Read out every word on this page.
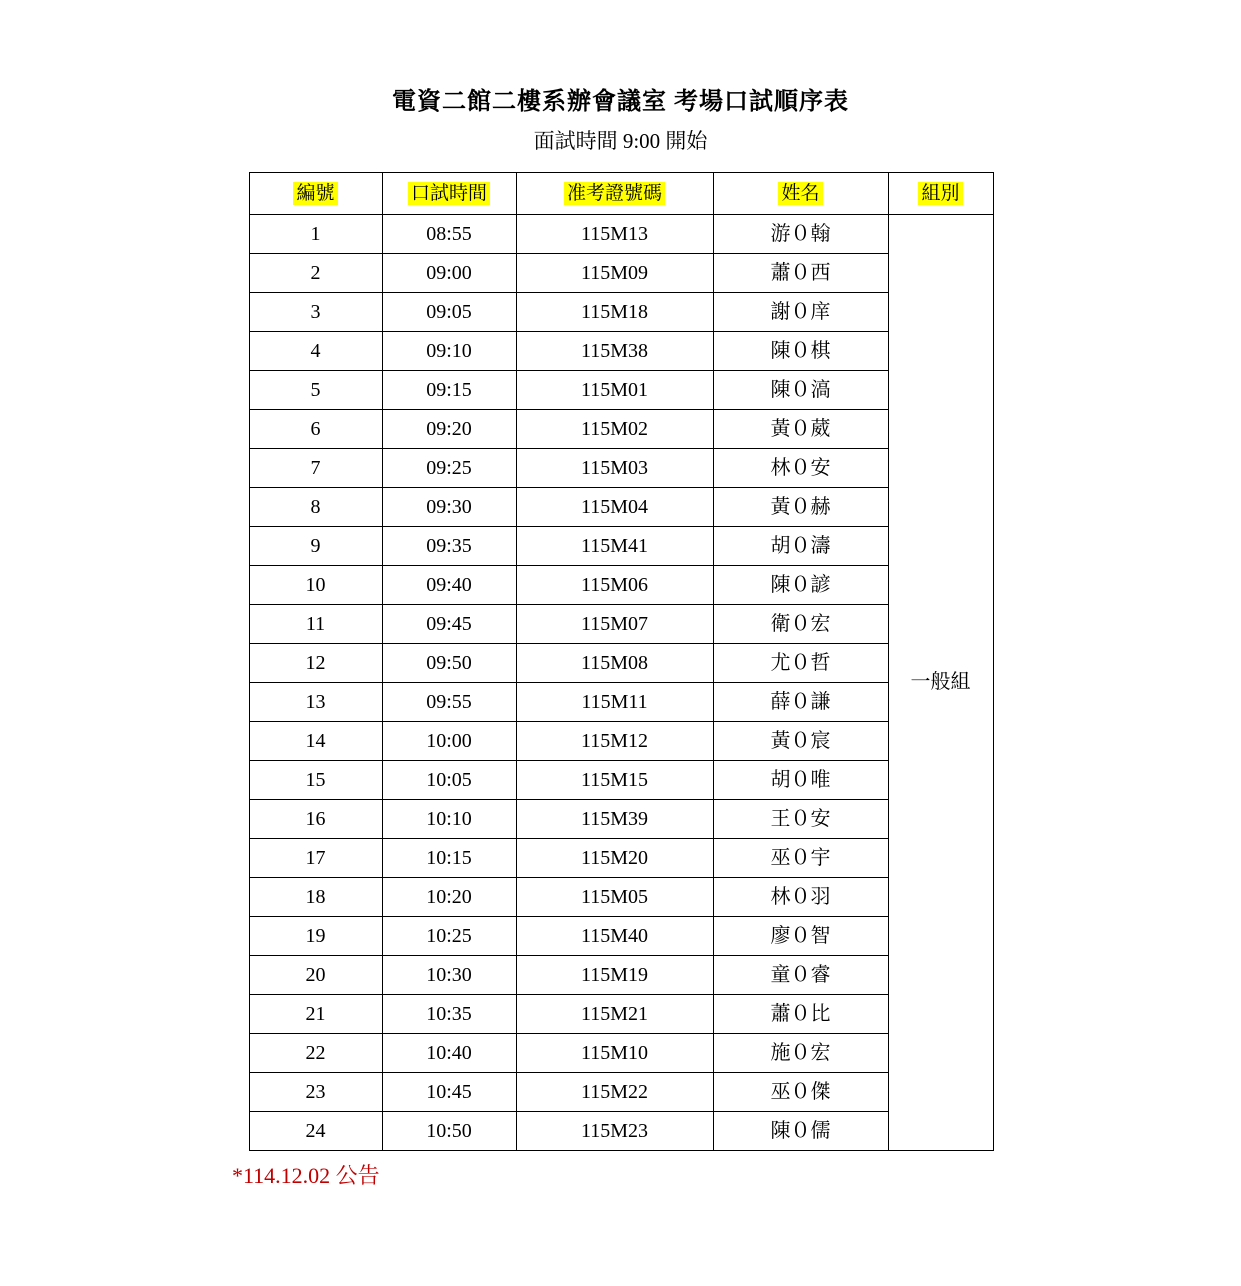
電資二館二樓系辦會議室 考場口試順序表
面試時間 9:00 開始
編號	口試時間	准考證號碼	姓名	組別
1	08:55	115M13	游０翰	一般組
2	09:00	115M09	蕭０西	
3	09:05	115M18	謝０庠	
4	09:10	115M38	陳０棋	
5	09:15	115M01	陳０滈	
6	09:20	115M02	黃０葳	
7	09:25	115M03	林０安	
8	09:30	115M04	黃０赫	
9	09:35	115M41	胡０濤	
10	09:40	115M06	陳０諺	
11	09:45	115M07	衛０宏	
12	09:50	115M08	尤０哲	
13	09:55	115M11	薛０謙	
14	10:00	115M12	黃０宸	
15	10:05	115M15	胡０唯	
16	10:10	115M39	王０安	
17	10:15	115M20	巫０宇	
18	10:20	115M05	林０羽	
19	10:25	115M40	廖０智	
20	10:30	115M19	童０睿	
21	10:35	115M21	蕭０比	
22	10:40	115M10	施０宏	
23	10:45	115M22	巫０傑	
24	10:50	115M23	陳０儒	
*114.12.02 公告
